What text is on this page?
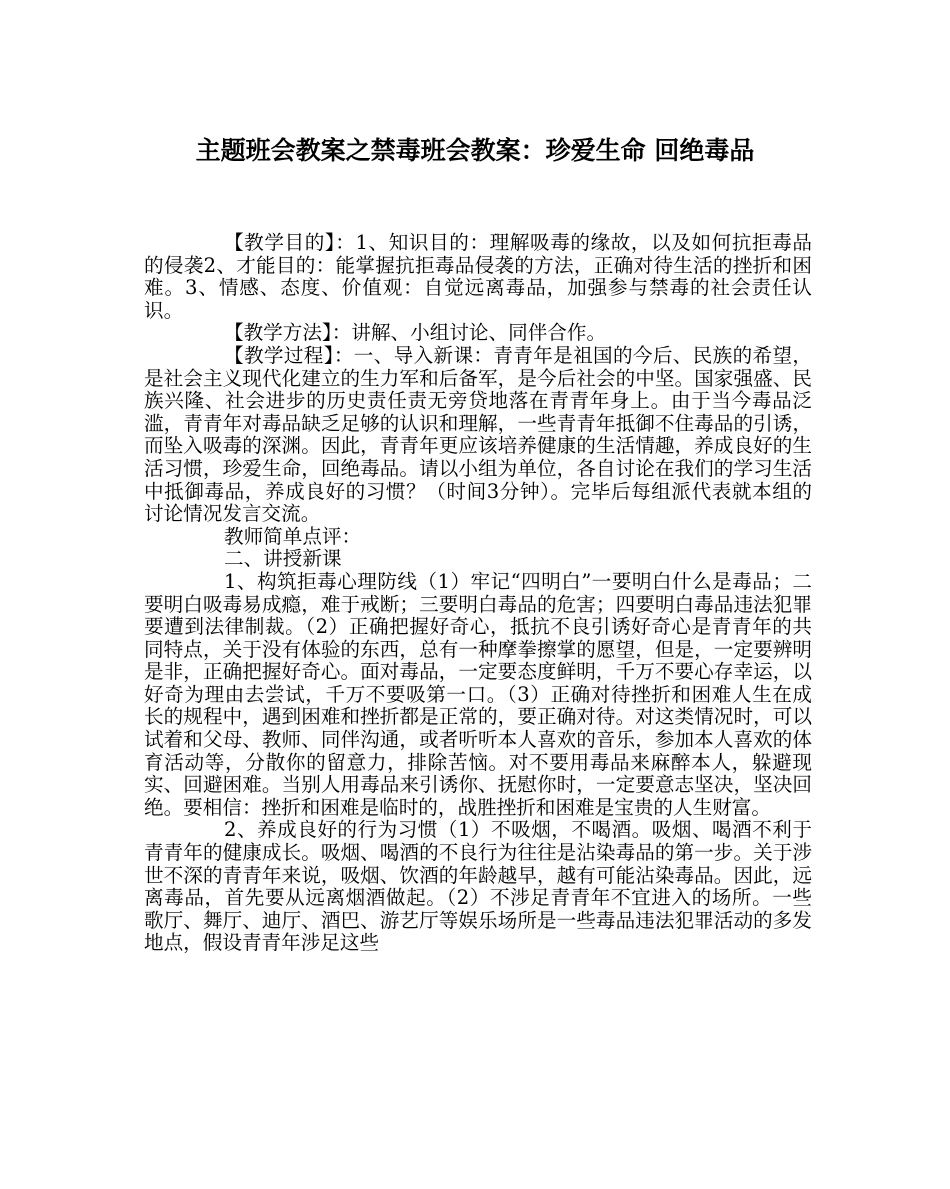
主题班会教案之禁毒班会教案：珍爱生命 回绝毒品

【教学目的】：1、知识目的：理解吸毒的缘故，以及如何抗拒毒品的侵袭2、才能目的：能掌握抗拒毒品侵袭的方法，正确对待生活的挫折和困难。3、情感、态度、价值观：自觉远离毒品，加强参与禁毒的社会责任认识。

【教学方法】：讲解、小组讨论、同伴合作。

【教学过程】：一、导入新课：青青年是祖国的今后、民族的希望，是社会主义现代化建立的生力军和后备军，是今后社会的中坚。国家强盛、民族兴隆、社会进步的历史责任责无旁贷地落在青青年身上。由于当今毒品泛滥，青青年对毒品缺乏足够的认识和理解，一些青青年抵御不住毒品的引诱，而坠入吸毒的深渊。因此，青青年更应该培养健康的生活情趣，养成良好的生活习惯，珍爱生命，回绝毒品。请以小组为单位，各自讨论在我们的学习生活中抵御毒品，养成良好的习惯？（时间3分钟）。完毕后每组派代表就本组的讨论情况发言交流。

教师简单点评：

二、讲授新课

1、构筑拒毒心理防线（1）牢记“四明白”一要明白什么是毒品；二要明白吸毒易成瘾，难于戒断；三要明白毒品的危害；四要明白毒品违法犯罪要遭到法律制裁。（2）正确把握好奇心，抵抗不良引诱好奇心是青青年的共同特点，关于没有体验的东西，总有一种摩拳擦掌的愿望，但是，一定要辨明是非，正确把握好奇心。面对毒品，一定要态度鲜明，千万不要心存幸运，以好奇为理由去尝试，千万不要吸第一口。（3）正确对待挫折和困难人生在成长的规程中，遇到困难和挫折都是正常的，要正确对待。对这类情况时，可以试着和父母、教师、同伴沟通，或者听听本人喜欢的音乐，参加本人喜欢的体育活动等，分散你的留意力，排除苦恼。对不要用毒品来麻醉本人，躲避现实、回避困难。当别人用毒品来引诱你、抚慰你时，一定要意志坚决，坚决回绝。要相信：挫折和困难是临时的，战胜挫折和困难是宝贵的人生财富。

2、养成良好的行为习惯（1）不吸烟，不喝酒。吸烟、喝酒不利于青青年的健康成长。吸烟、喝酒的不良行为往往是沾染毒品的第一步。关于涉世不深的青青年来说，吸烟、饮酒的年龄越早，越有可能沾染毒品。因此，远离毒品，首先要从远离烟酒做起。（2）不涉足青青年不宜进入的场所。一些歌厅、舞厅、迪厅、酒巴、游艺厅等娱乐场所是一些毒品违法犯罪活动的多发地点，假设青青年涉足这些
